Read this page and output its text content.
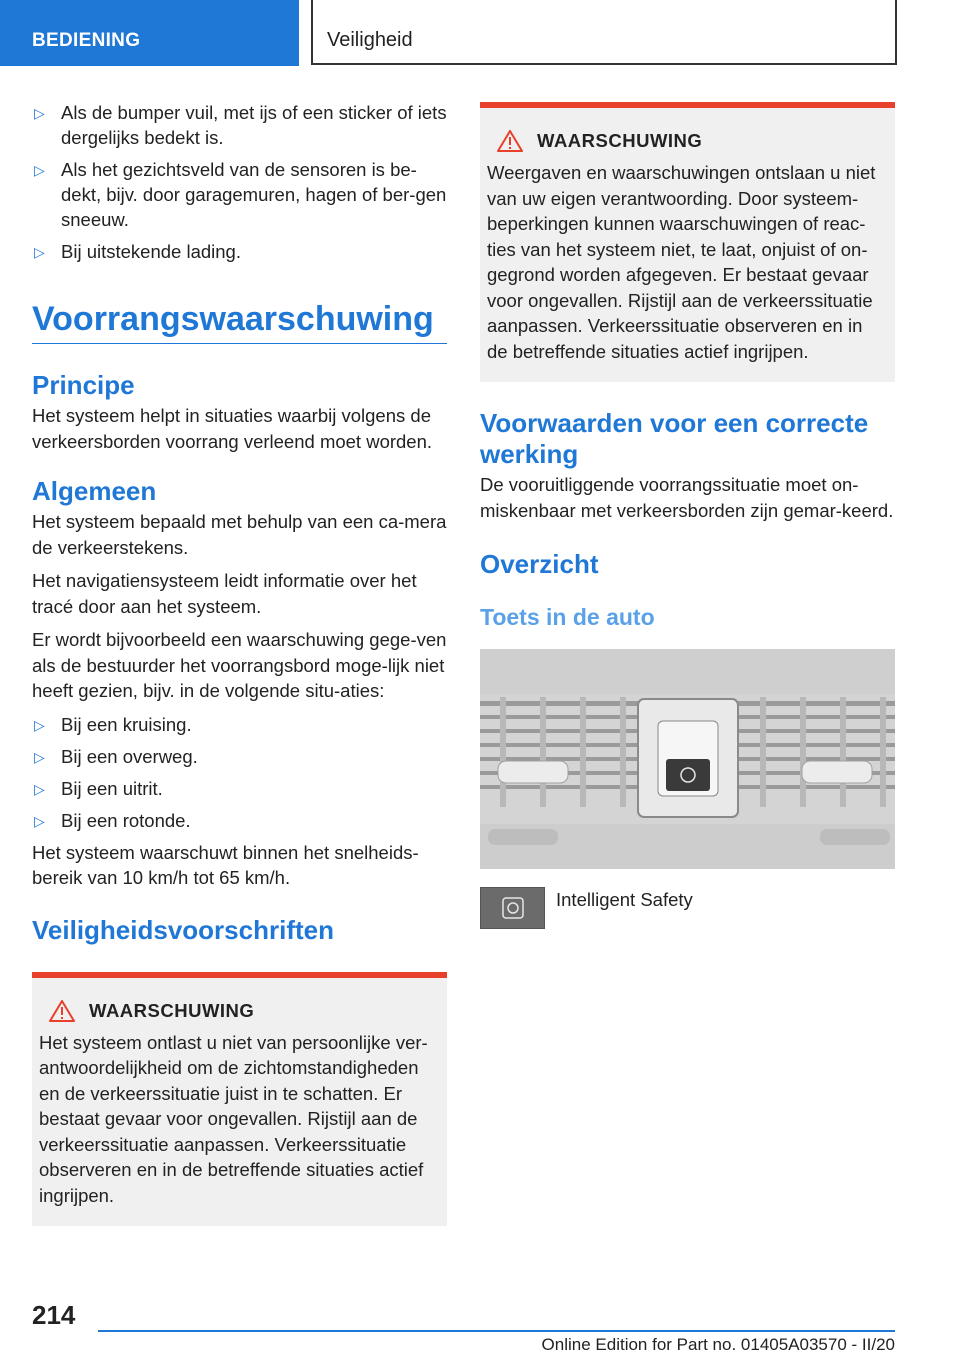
BEDIENING	Veiligheid
▷ Als de bumper vuil, met ijs of een sticker of iets dergelijks bedekt is.
▷ Als het gezichtsveld van de sensoren is be-dekt, bijv. door garagemuren, hagen of ber-gen sneeuw.
▷ Bij uitstekende lading.
Voorrangswaarschuwing
Principe

Het systeem helpt in situaties waarbij volgens de verkeersborden voorrang verleend moet worden.

Algemeen

Het systeem bepaald met behulp van een ca-mera de verkeerstekens.

Het navigatiensysteem leidt informatie over het tracé door aan het systeem.

Er wordt bijvoorbeeld een waarschuwing gege-ven als de bestuurder het voorrangsbord moge-lijk niet heeft gezien, bijv. in de volgende situ-aties:

▷ Bij een kruising.
▷ Bij een overweg.
▷ Bij een uitrit.
▷ Bij een rotonde.

Het systeem waarschuwt binnen het snelheids-bereik van 10 km/h tot 65 km/h.

Veiligheidsvoorschriften
WAARSCHUWING

Het systeem ontlast u niet van persoonlijke ver-antwoordelijkheid om de zichtomstandigheden en de verkeerssituatie juist in te schatten. Er bestaat gevaar voor ongevallen. Rijstijl aan de verkeerssituatie aanpassen. Verkeerssituatie observeren en in de betreffende situaties actief ingrijpen.

WAARSCHUWING

Weergaven en waarschuwingen ontslaan u niet van uw eigen verantwoording. Door systeem-beperkingen kunnen waarschuwingen of reac-ties van het systeem niet, te laat, onjuist of on-gegrond worden afgegeven. Er bestaat gevaar voor ongevallen. Rijstijl aan de verkeerssituatie aanpassen. Verkeerssituatie observeren en in de betreffende situaties actief ingrijpen.

Voorwaarden voor een correcte werking

De vooruitliggende voorrangssituatie moet on-miskenbaar met verkeersborden zijn gemar-keerd.

Overzicht
Toets in de auto
Intelligent Safety
214
Online Edition for Part no. 01405A03570 - II/20
